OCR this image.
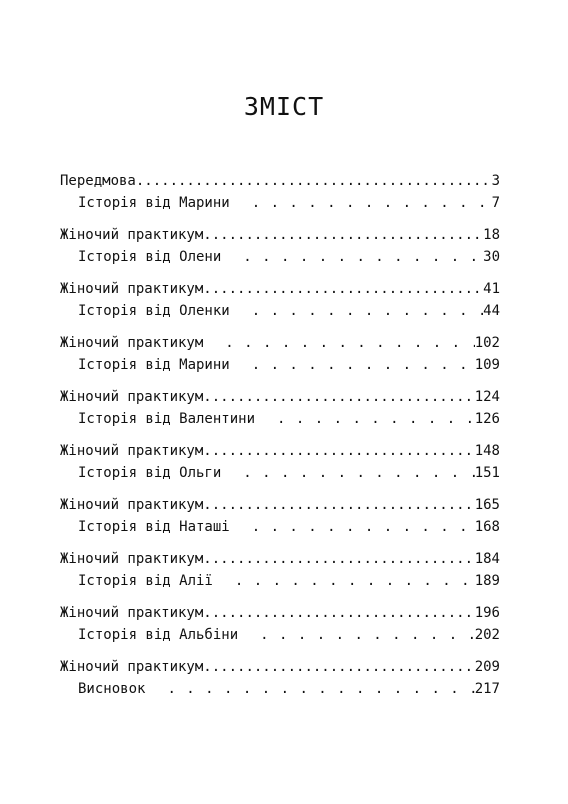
ЗМІСТ
Передмова .....	3
Історія від Марини . . .	7
Жіночий практикум .....	18
Історія від Олени . . .	30
Жіночий практикум .....	41
Історія від Оленки . . .	44
Жіночий практикум . . .	102
Історія від Марини . . .	109
Жіночий практикум .....	124
Історія від Валентини . . .	126
Жіночий практикум .....	148
Історія від Ольги . . .	151
Жіночий практикум .....	165
Історія від Наташі . . .	168
Жіночий практикум .....	184
Історія від Алії . . .	189
Жіночий практикум .....	196
Історія від Альбіни . . .	202
Жіночий практикум .....	209
Висновок . . .	217
